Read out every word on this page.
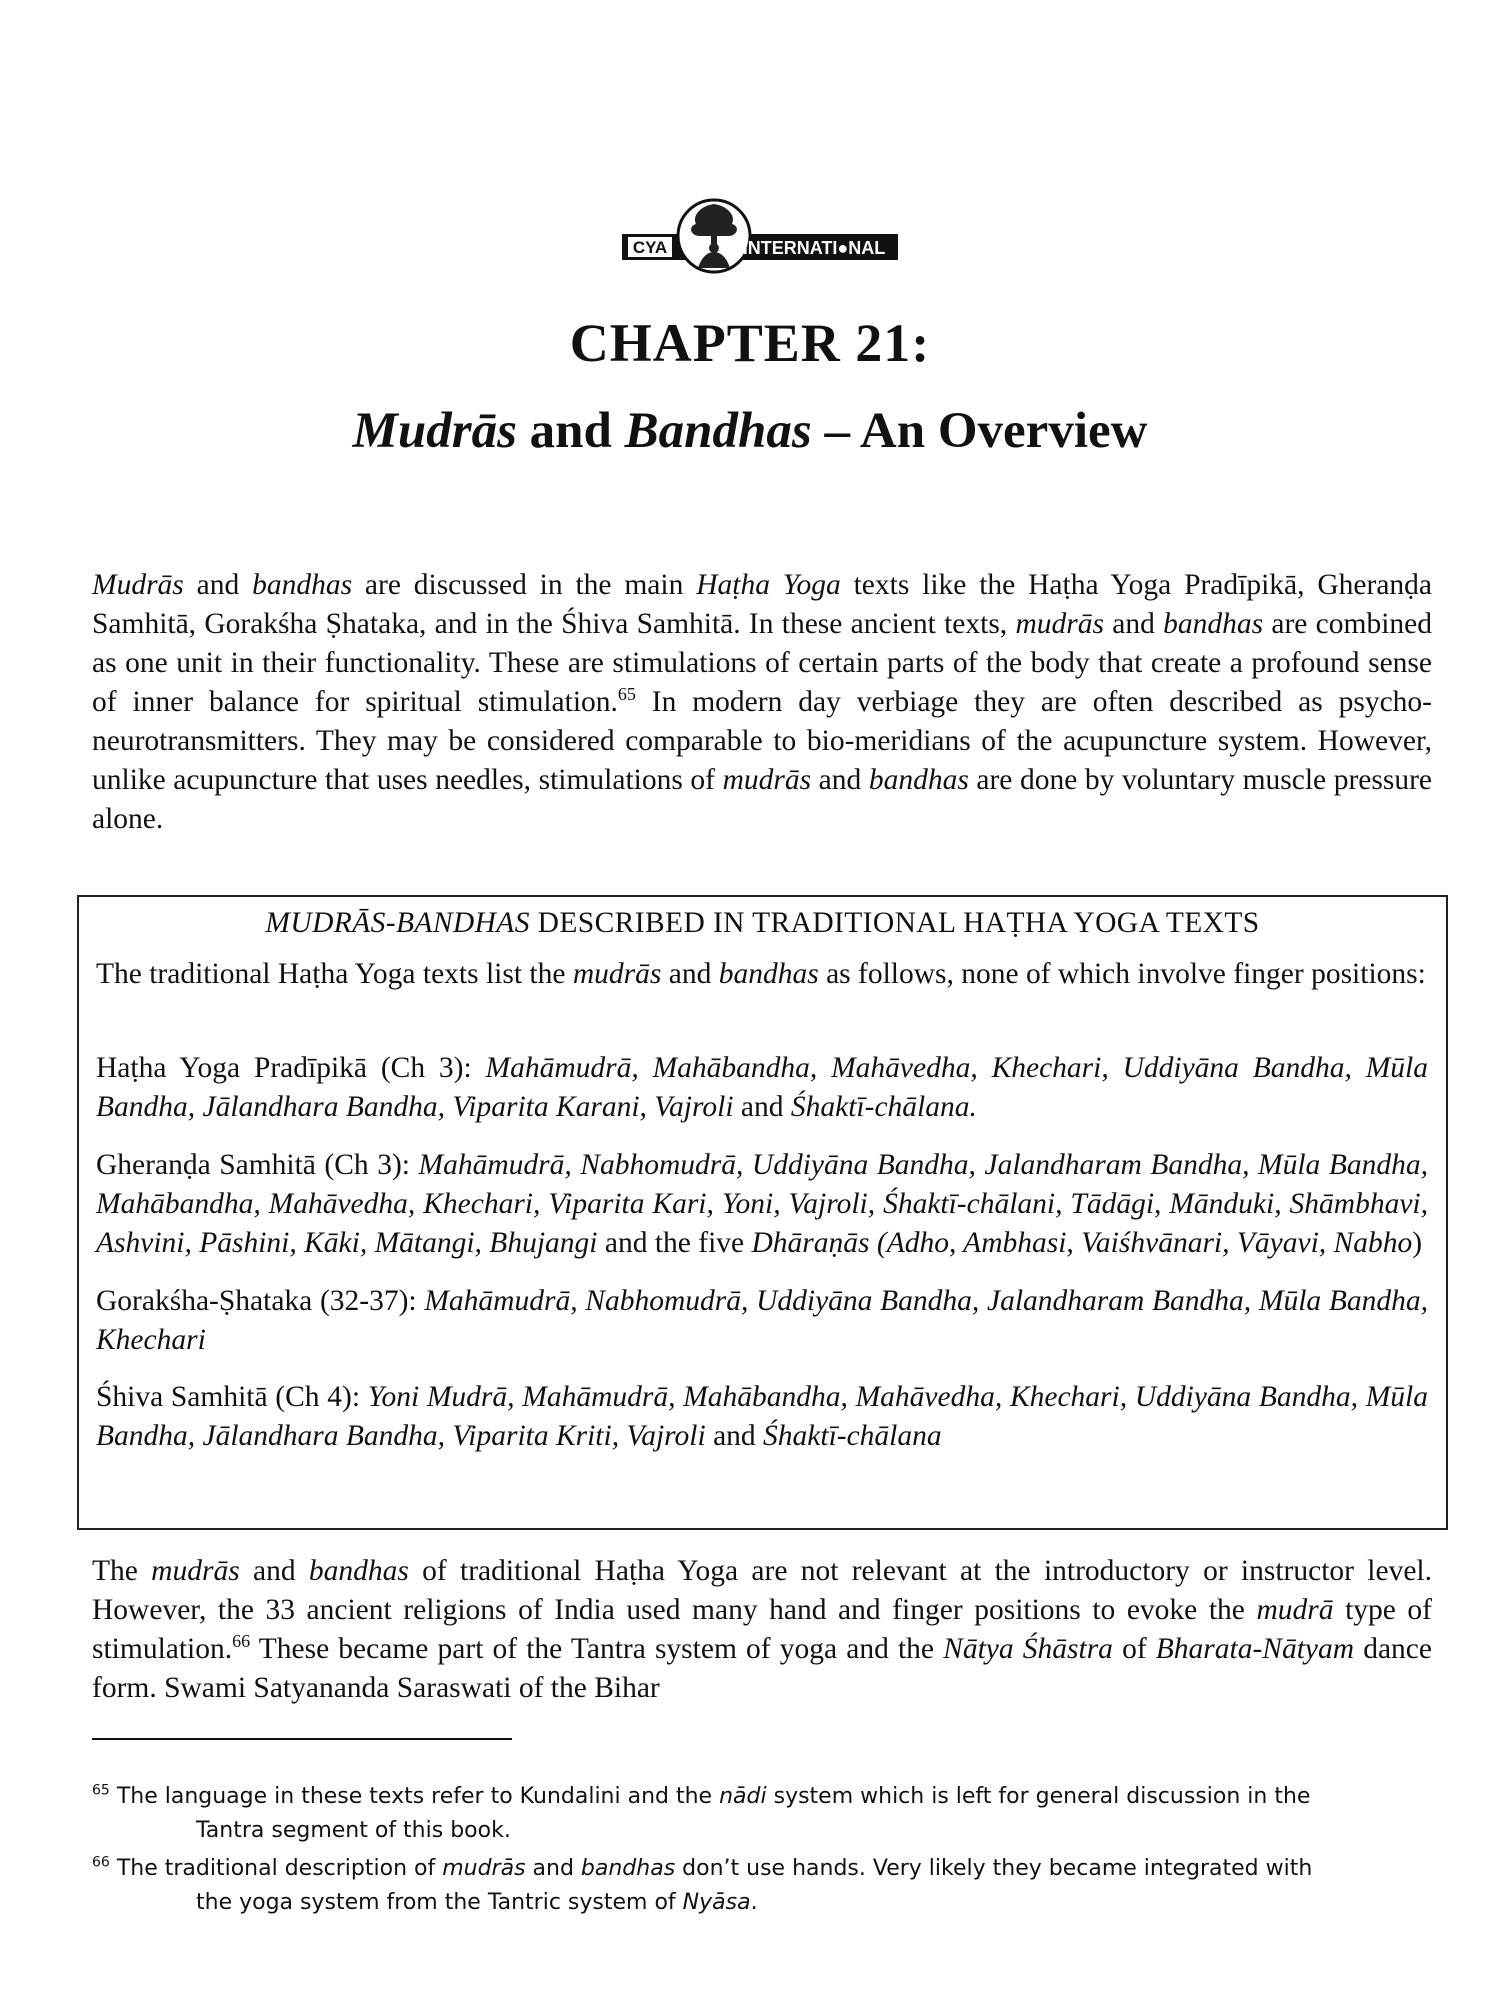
CYA	INTERNATI●NAL
CHAPTER 21:
Mudrās and Bandhas – An Overview
Mudrās and bandhas are discussed in the main Haṭha Yoga texts like the Haṭha Yoga Pradīpikā, Gheranḍa Samhitā, Gorakśha Ṣhataka, and in the Śhiva Samhitā. In these ancient texts, mudrās and bandhas are combined as one unit in their functionality. These are stimulations of certain parts of the body that create a profound sense of inner balance for spiritual stimulation.$^{65}$ In modern day verbiage they are often described as psycho-neurotransmitters. They may be considered comparable to bio-meridians of the acupuncture system. However, unlike acupuncture that uses needles, stimulations of mudrās and bandhas are done by voluntary muscle pressure alone.
MUDRĀS-BANDHAS DESCRIBED IN TRADITIONAL HAṬHA YOGA TEXTS
The traditional Haṭha Yoga texts list the mudrās and bandhas as follows, none of which involve finger positions:
Haṭha Yoga Pradīpikā (Ch 3): Mahāmudrā, Mahābandha, Mahāvedha, Khechari, Uddiyāna Bandha, Mūla Bandha, Jālandhara Bandha, Viparita Karani, Vajroli and Śhaktī-chālana.
Gheranḍa Samhitā (Ch 3): Mahāmudrā, Nabhomudrā, Uddiyāna Bandha, Jalandharam Bandha, Mūla Bandha, Mahābandha, Mahāvedha, Khechari, Viparita Kari, Yoni, Vajroli, Śhaktī-chālani, Tādāgi, Mānduki, Shāmbhavi, Ashvini, Pāshini, Kāki, Mātangi, Bhujangi and the five Dhāraṇās (Adho, Ambhasi, Vaiśhvānari, Vāyavi, Nabho)
Gorakśha-Ṣhataka (32-37): Mahāmudrā, Nabhomudrā, Uddiyāna Bandha, Jalandharam Bandha, Mūla Bandha, Khechari
Śhiva Samhitā (Ch 4): Yoni Mudrā, Mahāmudrā, Mahābandha, Mahāvedha, Khechari, Uddiyāna Bandha, Mūla Bandha, Jālandhara Bandha, Viparita Kriti, Vajroli and Śhaktī-chālana
The mudrās and bandhas of traditional Haṭha Yoga are not relevant at the introductory or instructor level. However, the 33 ancient religions of India used many hand and finger positions to evoke the mudrā type of stimulation.$^{66}$ These became part of the Tantra system of yoga and the Nātya Śhāstra of Bharata-Nātyam dance form. Swami Satyananda Saraswati of the Bihar
$^{65}$ The language in these texts refer to Kundalini and the nādi system which is left for general discussion in the
Tantra segment of this book.
$^{66}$ The traditional description of mudrās and bandhas don’t use hands. Very likely they became integrated with
the yoga system from the Tantric system of Nyāsa.
